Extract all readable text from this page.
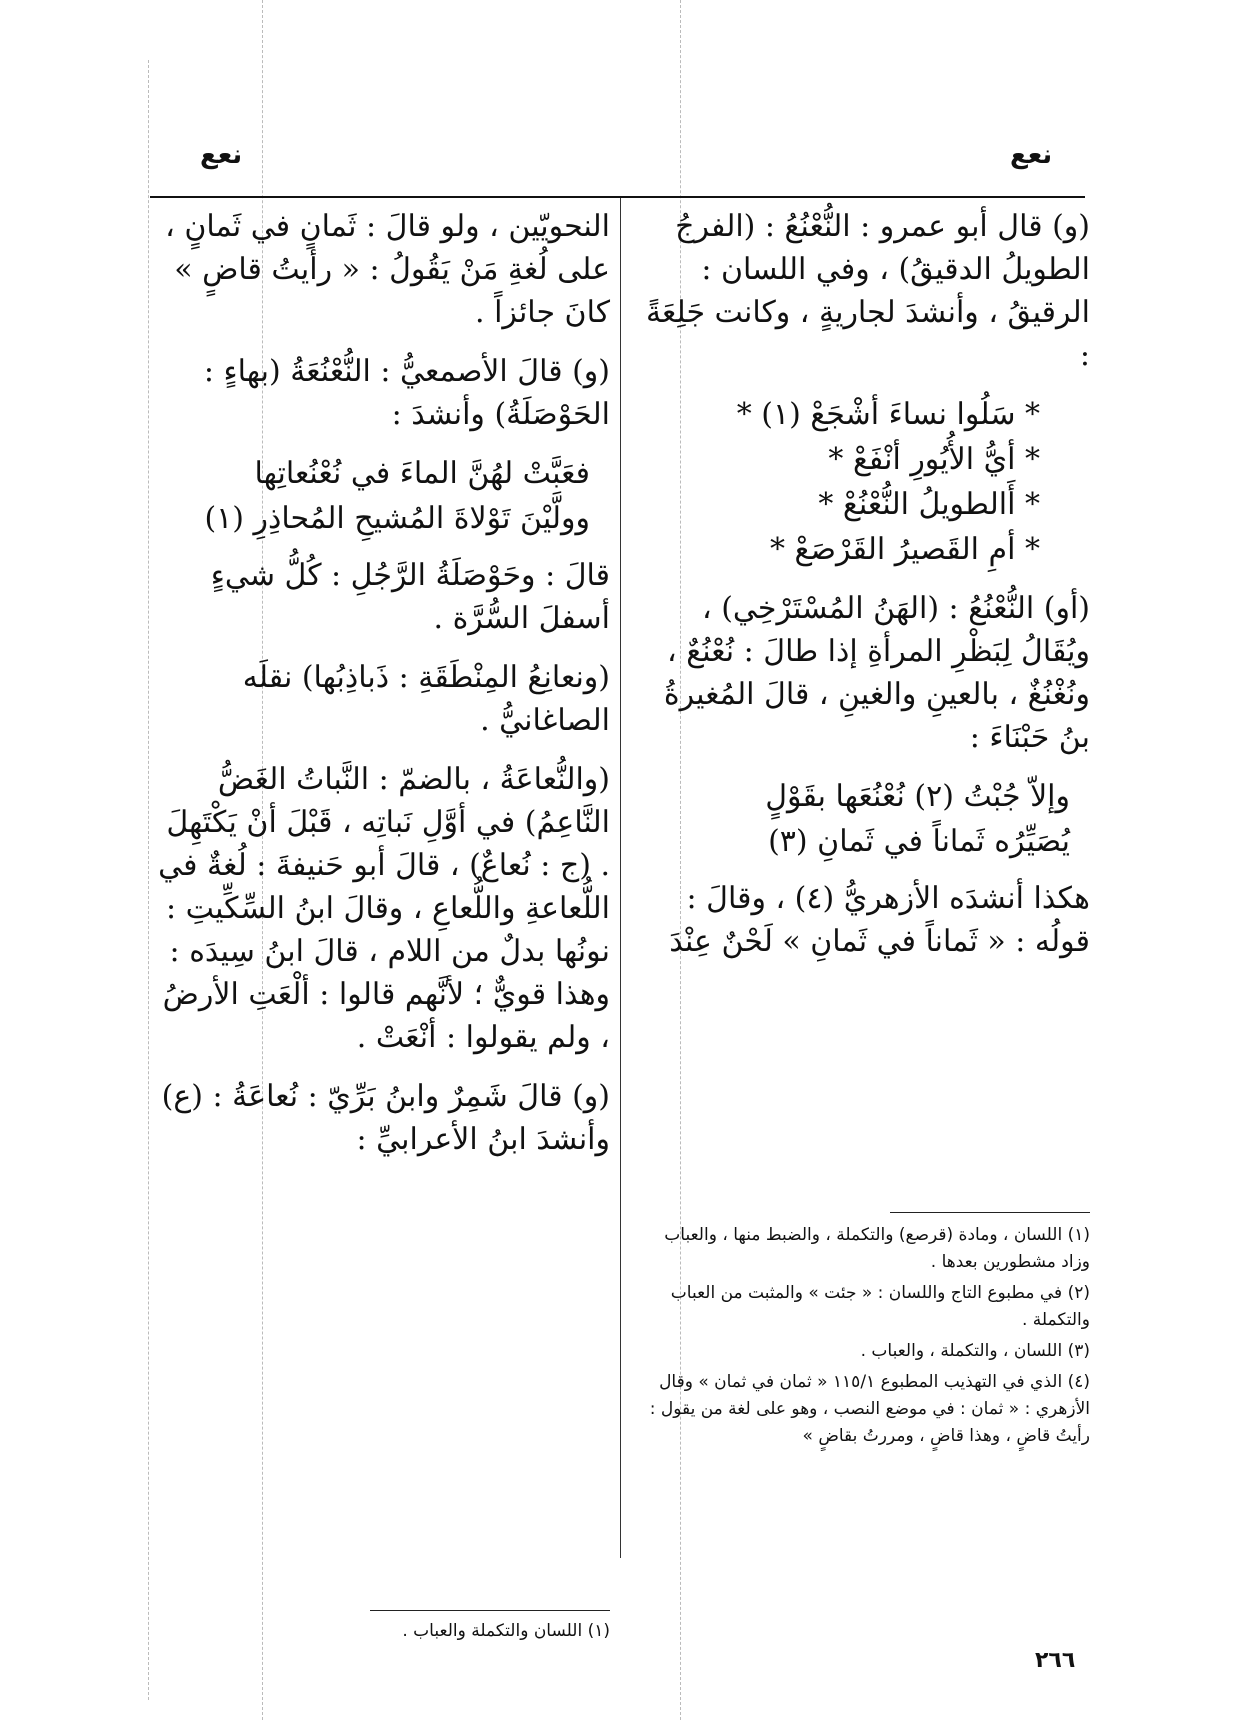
نعع
نعع

(و) قال أبو عمرو : النُّعْنُعُ : (الفرجُ الطويلُ الدقيقُ) ، وفي اللسان : الرقيقُ ، وأنشدَ لجاريةٍ ، وكانت جَلِعَةً :

* سَلُوا نساءَ أشْجَعْ (١) *

* أيُّ الأُيُورِ أنْفَعْ *

* أَالطويلُ النُّعْنُعْ *

* أمِ القَصيرُ القَرْصَعْ *

(أو) النُّعْنُعُ : (الهَنُ المُسْتَرْخِي) ، ويُقَالُ لِبَظْرِ المرأةِ إذا طالَ : نُعْنُعٌ ، ونُغْنُغٌ ، بالعينِ والغينِ ، قالَ المُغيرةُ بنُ حَبْنَاءَ :

وإلاّ جُبْتُ (٢) نُعْنُعَها بقَوْلٍ

يُصَيِّرُه ثَماناً في ثَمانِ (٣)

هكذا أنشدَه الأزهريُّ (٤) ، وقالَ : قولُه : « ثَماناً في ثَمانِ » لَحْنٌ عِنْدَ

النحويّين ، ولو قالَ : ثَمانٍ في ثَمانٍ ، على لُغةِ مَنْ يَقُولُ : « رأيتُ قاضٍ » كانَ جائزاً .

(و) قالَ الأصمعيُّ : النُّعْنُعَةُ (بهاءٍ : الحَوْصَلَةُ) وأنشدَ :

فعَبَّتْ لهُنَّ الماءَ في نُعْنُعاتِها

وولَّيْنَ تَوْلاةَ المُشيحِ المُحاذِرِ (١)

قالَ : وحَوْصَلَةُ الرَّجُلِ : كُلُّ شيءٍ أسفلَ السُّرَّة .

(ونعانِعُ المِنْطَقَةِ : ذَباذِبُها) نقلَه الصاغانيُّ .

(والنُّعاعَةُ ، بالضمّ : النَّباتُ الغَضُّ النَّاعِمُ) في أوَّلِ نَباتِه ، قَبْلَ أنْ يَكْتَهِلَ . (ج : نُعاعٌ) ، قالَ أبو حَنيفةَ : لُغةٌ في اللُّعاعةِ واللُّعاعِ ، وقالَ ابنُ السِّكِّيتِ : نونُها بدلٌ من اللام ، قالَ ابنُ سِيدَه : وهذا قويٌّ ؛ لأنَّهم قالوا : ألْعَتِ الأرضُ ، ولم يقولوا : أنْعَتْ .

(و) قالَ شَمِرٌ وابنُ بَرِّيّ : نُعاعَةُ : (ع) وأنشدَ ابنُ الأعرابيِّ :

(١) اللسان ، ومادة (قرصع) والتكملة ، والضبط منها ، والعباب وزاد مشطورين بعدها .

(٢) في مطبوع التاج واللسان : « جئت » والمثبت من العباب والتكملة .

(٣) اللسان ، والتكملة ، والعباب .

(٤) الذي في التهذيب المطبوع ١١٥/١ « ثمان في ثمان » وقال الأزهري : « ثمان : في موضع النصب ، وهو على لغة من يقول : رأيتُ قاضٍ ، وهذا قاضٍ ، ومررتُ بقاضٍ »

(١) اللسان والتكملة والعباب .

٢٦٦
